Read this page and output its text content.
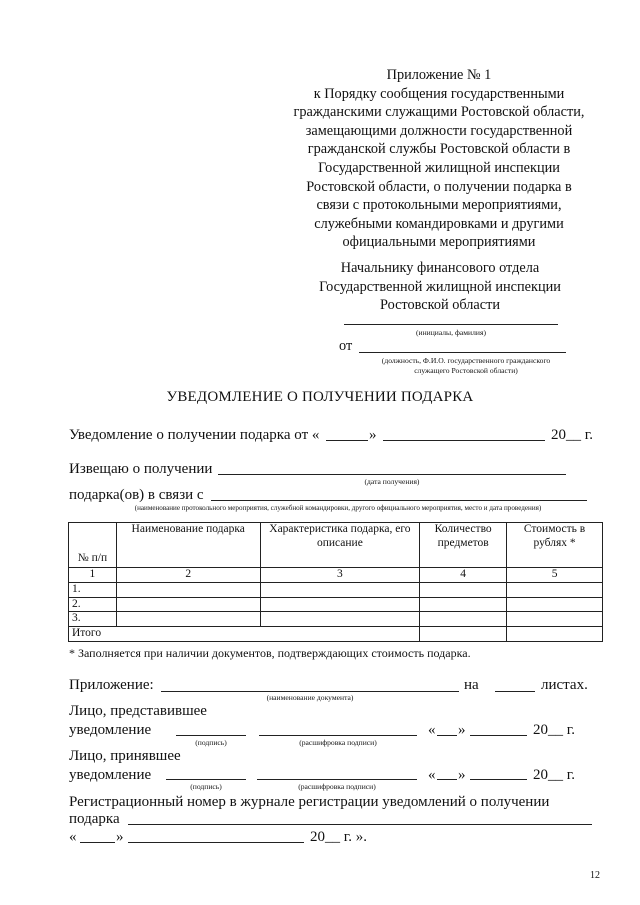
Приложение № 1
к Порядку сообщения государственными
гражданскими служащими Ростовской области,
замещающими должности государственной
гражданской службы Ростовской области в
Государственной жилищной инспекции
Ростовской области, о получении подарка в
связи с протокольными мероприятиями,
служебными командировками и другими
официальными мероприятиями
Начальнику финансового отдела
Государственной жилищной инспекции
Ростовской области
(инициалы, фамилия)
от
(должность, Ф.И.О. государственного гражданского
служащего Ростовской области)
УВЕДОМЛЕНИЕ О ПОЛУЧЕНИИ ПОДАРКА
Уведомление о получении подарка от «	»	20__ г.
Извещаю о получении
(дата получения)
подарка(ов) в связи с
(наименование протокольного мероприятия, служебной командировки, другого официального мероприятия, место и дата проведения)
№ п/п	Наименование подарка	Характеристика подарка, его описание	Количество предметов	Стоимость в рублях *
1	2	3	4	5
1.				
2.				
3.				
Итого				
* Заполняется при наличии документов, подтверждающих стоимость подарка.
Приложение:
(наименование документа)
на	листах.
Лицо, представившее
уведомление
(подпись)	(расшифровка подписи)
« »	20__ г.
Лицо, принявшее
уведомление
(подпись)	(расшифровка подписи)
« »	20__ г.
Регистрационный номер в журнале регистрации уведомлений о получении
подарка
«	»	20__ г. ».
12
